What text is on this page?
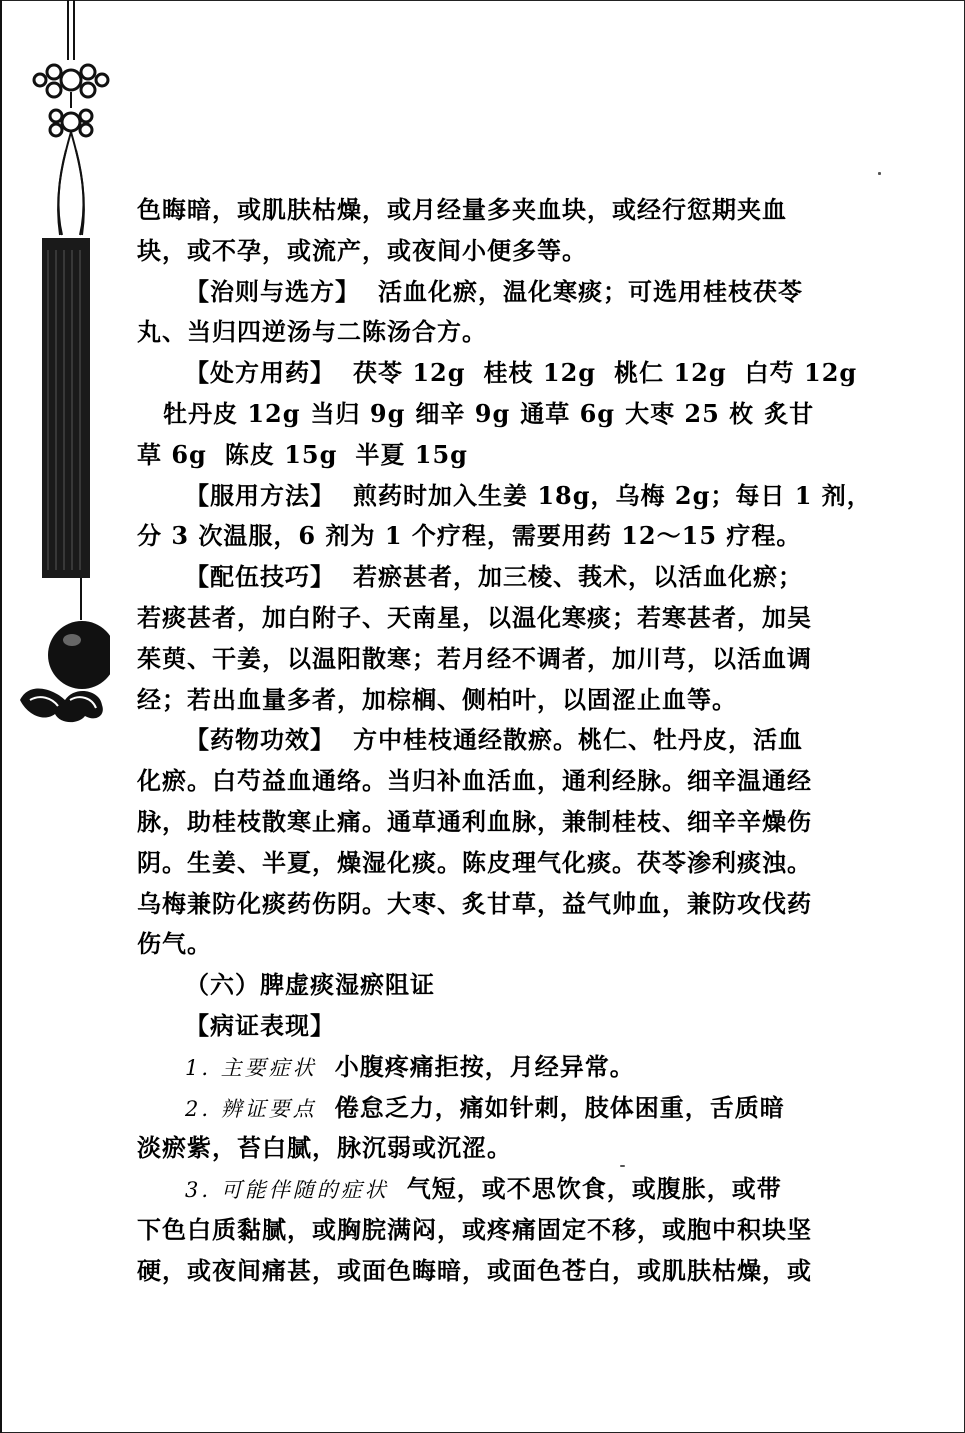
色晦暗，或肌肤枯燥，或月经量多夹血块，或经行愆期夹血
块，或不孕，或流产，或夜间小便多等。
【治则与选方】 活血化瘀，温化寒痰；可选用桂枝茯苓
丸、当归四逆汤与二陈汤合方。
【处方用药】 茯苓 12g 桂枝 12g 桃仁 12g 白芍 12g
牡丹皮 12g 当归 9g 细辛 9g 通草 6g 大枣 25 枚 炙甘
草 6g 陈皮 15g 半夏 15g
【服用方法】 煎药时加入生姜 18g，乌梅 2g；每日 1 剂，
分 3 次温服，6 剂为 1 个疗程，需要用药 12～15 疗程。
【配伍技巧】 若瘀甚者，加三棱、莪术，以活血化瘀；
若痰甚者，加白附子、天南星，以温化寒痰；若寒甚者，加吴
茱萸、干姜，以温阳散寒；若月经不调者，加川芎，以活血调
经；若出血量多者，加棕榈、侧柏叶，以固涩止血等。
【药物功效】 方中桂枝通经散瘀。桃仁、牡丹皮，活血
化瘀。白芍益血通络。当归补血活血，通利经脉。细辛温通经
脉，助桂枝散寒止痛。通草通利血脉，兼制桂枝、细辛辛燥伤
阴。生姜、半夏，燥湿化痰。陈皮理气化痰。茯苓渗利痰浊。
乌梅兼防化痰药伤阴。大枣、炙甘草，益气帅血，兼防攻伐药
伤气。
（六）脾虚痰湿瘀阻证
【病证表现】
1. 主要症状 小腹疼痛拒按，月经异常。
2. 辨证要点 倦怠乏力，痛如针刺，肢体困重，舌质暗
淡瘀紫，苔白腻，脉沉弱或沉涩。
3. 可能伴随的症状 气短，或不思饮食，或腹胀，或带
下色白质黏腻，或胸脘满闷，或疼痛固定不移，或胞中积块坚
硬，或夜间痛甚，或面色晦暗，或面色苍白，或肌肤枯燥，或
